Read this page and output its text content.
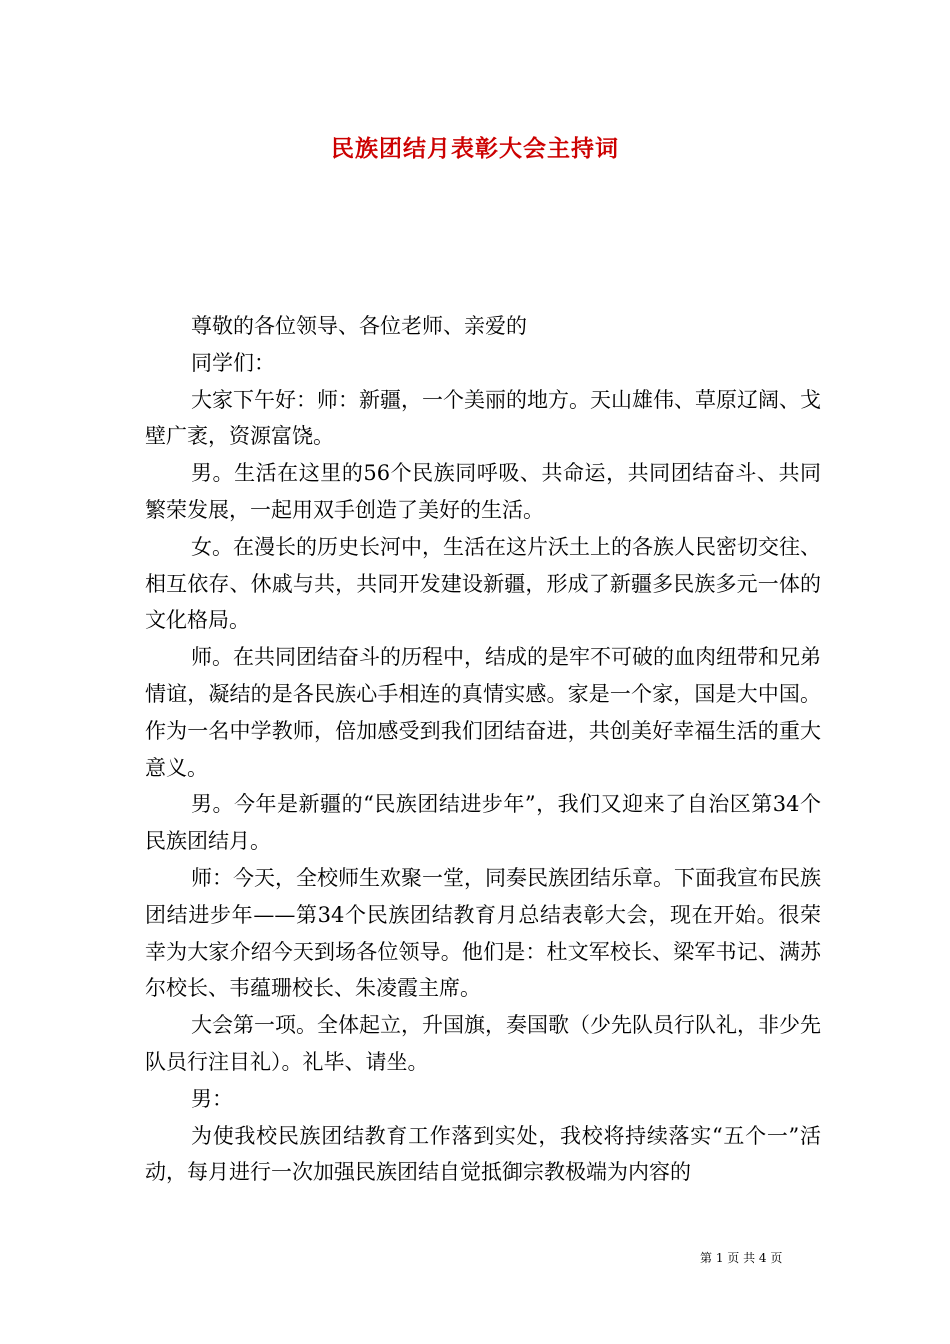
民族团结月表彰大会主持词

尊敬的各位领导、各位老师、亲爱的

同学们：

大家下午好：师：新疆，一个美丽的地方。天山雄伟、草原辽阔、戈壁广袤，资源富饶。

男。生活在这里的56个民族同呼吸、共命运，共同团结奋斗、共同繁荣发展，一起用双手创造了美好的生活。

女。在漫长的历史长河中，生活在这片沃土上的各族人民密切交往、相互依存、休戚与共，共同开发建设新疆，形成了新疆多民族多元一体的文化格局。

师。在共同团结奋斗的历程中，结成的是牢不可破的血肉纽带和兄弟情谊，凝结的是各民族心手相连的真情实感。家是一个家，国是大中国。作为一名中学教师，倍加感受到我们团结奋进，共创美好幸福生活的重大意义。

男。今年是新疆的“民族团结进步年”，我们又迎来了自治区第34个民族团结月。

师：今天，全校师生欢聚一堂，同奏民族团结乐章。下面我宣布民族团结进步年——第34个民族团结教育月总结表彰大会，现在开始。很荣幸为大家介绍今天到场各位领导。他们是：杜文军校长、梁军书记、满苏尔校长、韦蕴珊校长、朱凌霞主席。

大会第一项。全体起立，升国旗，奏国歌（少先队员行队礼，非少先队员行注目礼）。礼毕、请坐。

男：

为使我校民族团结教育工作落到实处，我校将持续落实“五个一”活动，每月进行一次加强民族团结自觉抵御宗教极端为内容的

第 1 页 共 4 页
